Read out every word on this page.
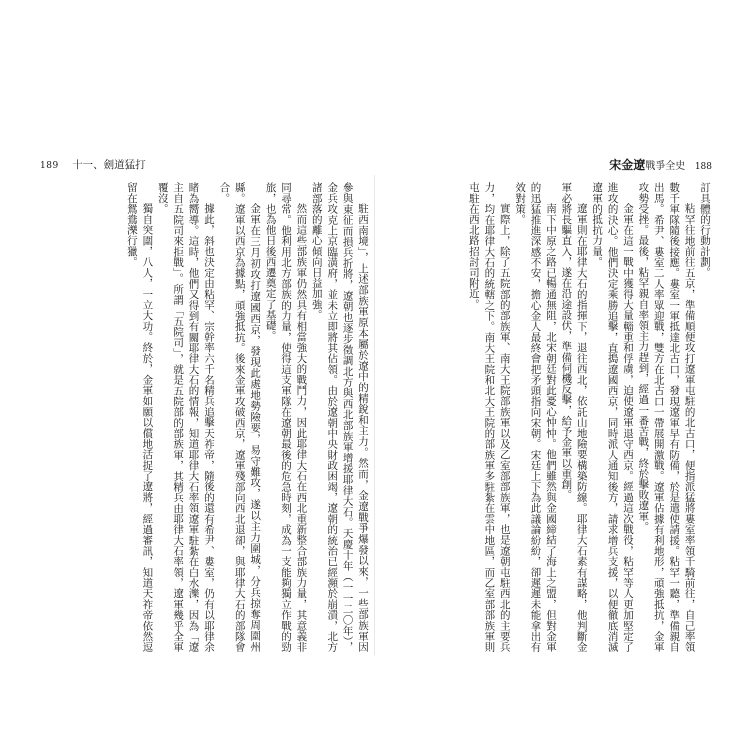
189 十一、劍道猛打

駐西南境」，上述部族軍原本屬於遼中的精銳和主力。然而，金遼戰爭爆發以來，一些部族軍因參與東征而損兵折將，遼朝也逐步徵調北方與西北部族軍增援耶律大石。天慶十年（一一二〇年），金兵攻克上京臨潢府，並未立即將其佔領。由於遼朝中央財政困竭，遼朝的統治已經瀕於崩潰，北方諸部落的離心傾向日益加強。

然而這些部族軍仍然具有相當強大的戰鬥力，因此耶律大石在西北重新整合部族力量，其意義非同尋常。他利用北方部族的力量，使得這支軍隊在遼朝最後的危急時刻，成為一支能夠獨立作戰的勁旅，也為他日後西遷奠定了基礎。

金軍在三月初攻打遼國西京，發現此處地勢險要，易守難攻，遂以主力圍城，分兵掠奪周圍州縣。遼軍以西京為據點，頑強抵抗。後來金軍攻破西京，遼軍殘部向西北退卻，與耶律大石的部隊會合。

據此，斜也決定由粘罕、宗幹率六千名精兵追擊天祚帝，隨後的還有希尹、婁室，仍有以耶律余睹為嚮導。這時，他們又得到有關耶律大石的情報，知道耶律大石率領遼軍駐紮在白水濼，因為「遼主自五院司來拒戰」。所謂「五院司」，就是五院部的部族軍，其精兵由耶律大石率領，遼軍幾乎全軍覆沒。

獨自突圍，八人，一立大功。終於，金軍如願以償地活捉了遼將，經過審訊，知道天祚帝依然逗留在鴛鴦濼行獵。

宋金遼戰爭全史 188

訂具體的行動計劃。

粘罕往地前往五京，準備順便攻打遼軍屯駐的北古口，便指派猛將婁室率領千騎前往，自己率領數千軍隊隨後接應。婁室一軍抵達北古口，發現遼軍早有防備，於是遣使請援。粘罕一聽，準備親自出馬。希尹、婁室二人率眾迎戰，雙方在北古口一帶展開激戰。遼軍佔據有利地形，頑強抵抗，金軍攻勢受挫。最後，粘罕親自率領主力趕到，經過一番苦戰，終於擊敗遼軍。

金軍在這一戰中獲得大量輜重和俘虜，迫使遼軍退守西京。經過這次戰役，粘罕等人更加堅定了進攻的決心。他們決定乘勝追擊，直搗遼國西京，同時派人通知後方，請求增兵支援，以便徹底消滅遼軍的抵抗力量。

遼軍則在耶律大石的指揮下，退往西北，依託山地險要構築防線。耶律大石素有謀略，他判斷金軍必將長驅直入，遂在沿途設伏，準備伺機反擊，給予金軍以重創。

南下中原之路已暢通無阻，北宋朝廷對此憂心忡忡。他們雖然與金國締結了海上之盟，但對金軍的迅猛推進深感不安，擔心金人最終會把矛頭指向宋朝。宋廷上下為此議論紛紛，卻遲遲未能拿出有效對策。

實際上，除了五院部的部族軍、南大王院部族軍以及乙室部部族軍，也是遼朝屯駐西北的主要兵力，均在耶律大石的統轄之下。南大王院和北大王院的部族軍多駐紮在雲中地區，而乙室部部族軍則屯駐在西北路招討司附近。
